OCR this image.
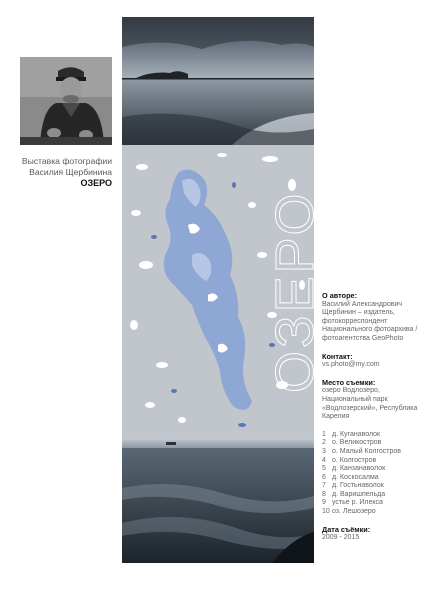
Выставка фотографии
Василия Щербинина
ОЗЕРО
ОЗЕРО
О авторе:
Василий Александрович Щербинин – издатель, фотокорреспондент Национального фотоархива / фотоагентства GeoPhoto
Контакт:
vs.photo@my.com
Место съемки:
озеро Водлозеро, Национальный парк «Водлозерский», Республика Карелия
1 д. Куганаволок
2 о. Великостров
3 о. Малый Колгостров
4 о. Колгостров
5 д. Канзанаволок
6 д. Коскосалма
7 д. Гостьнаволок
8 д. Варишпельда
9 устье р. Илекса
10 оз. Лешозеро
Дата съёмки:
2009 - 2015
